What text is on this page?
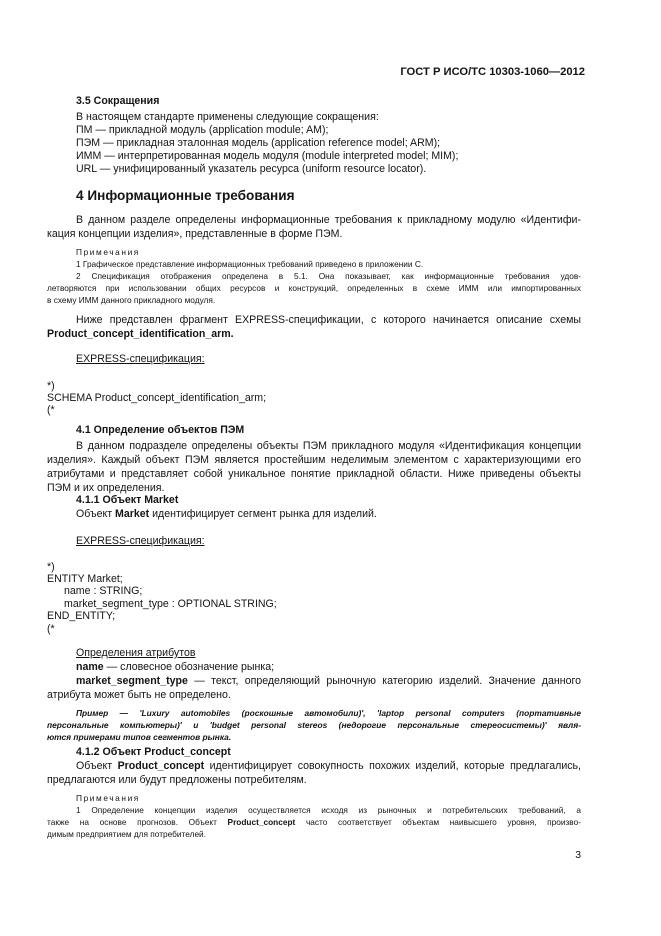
ГОСТ Р ИСО/ТС 10303-1060—2012
3.5 Сокращения
В настоящем стандарте применены следующие сокращения:
ПМ — прикладной модуль (application module; AM);
ПЭМ — прикладная эталонная модель (application reference model; ARM);
ИММ — интерпретированная модель модуля (module interpreted model; MIM);
URL — унифицированный указатель ресурса (uniform resource locator).
4 Информационные требования
В данном разделе определены информационные требования к прикладному модулю «Идентифи-
кация концепции изделия», представленные в форме ПЭМ.
Примечания
1 Графическое представление информационных требований приведено в приложении С.
2 Спецификация отображения определена в 5.1. Она показывает, как информационные требования удов-
летворяются при использовании общих ресурсов и конструкций, определенных в схеме ИММ или импортированных
в схему ИММ данного прикладного модуля.
Ниже представлен фрагмент EXPRESS-спецификации, с которого начинается описание схемы
Product_concept_identification_arm.
EXPRESS-спецификация:
*)
SCHEMA Product_concept_identification_arm;
(*
4.1 Определение объектов ПЭМ
В данном подразделе определены объекты ПЭМ прикладного модуля «Идентификация концепции
изделия». Каждый объект ПЭМ является простейшим неделимым элементом с характеризующими его
атрибутами и представляет собой уникальное понятие прикладной области. Ниже приведены объекты
ПЭМ и их определения.
4.1.1 Объект Market
Объект Market идентифицирует сегмент рынка для изделий.
EXPRESS-спецификация:
*)
ENTITY Market;
name : STRING;
market_segment_type : OPTIONAL STRING;
END_ENTITY;
(*
Определения атрибутов
name — словесное обозначение рынка;
market_segment_type — текст, определяющий рыночную категорию изделий. Значение данного
атрибута может быть не определено.
Пример — 'Luxury automobiles (роскошные автомобили)', 'laptop personal computers (портативные
персональные компьютеры)' и 'budget personal stereos (недорогие персональные стереосистемы)' явля-
ются примерами типов сегментов рынка.
4.1.2 Объект Product_concept
Объект Product_concept идентифицирует совокупность похожих изделий, которые предлагались,
предлагаются или будут предложены потребителям.
Примечания
1 Определение концепции изделия осуществляется исходя из рыночных и потребительских требований, а
также на основе прогнозов. Объект Product_concept часто соответствует объектам наивысшего уровня, произво-
димым предприятием для потребителей.
3
